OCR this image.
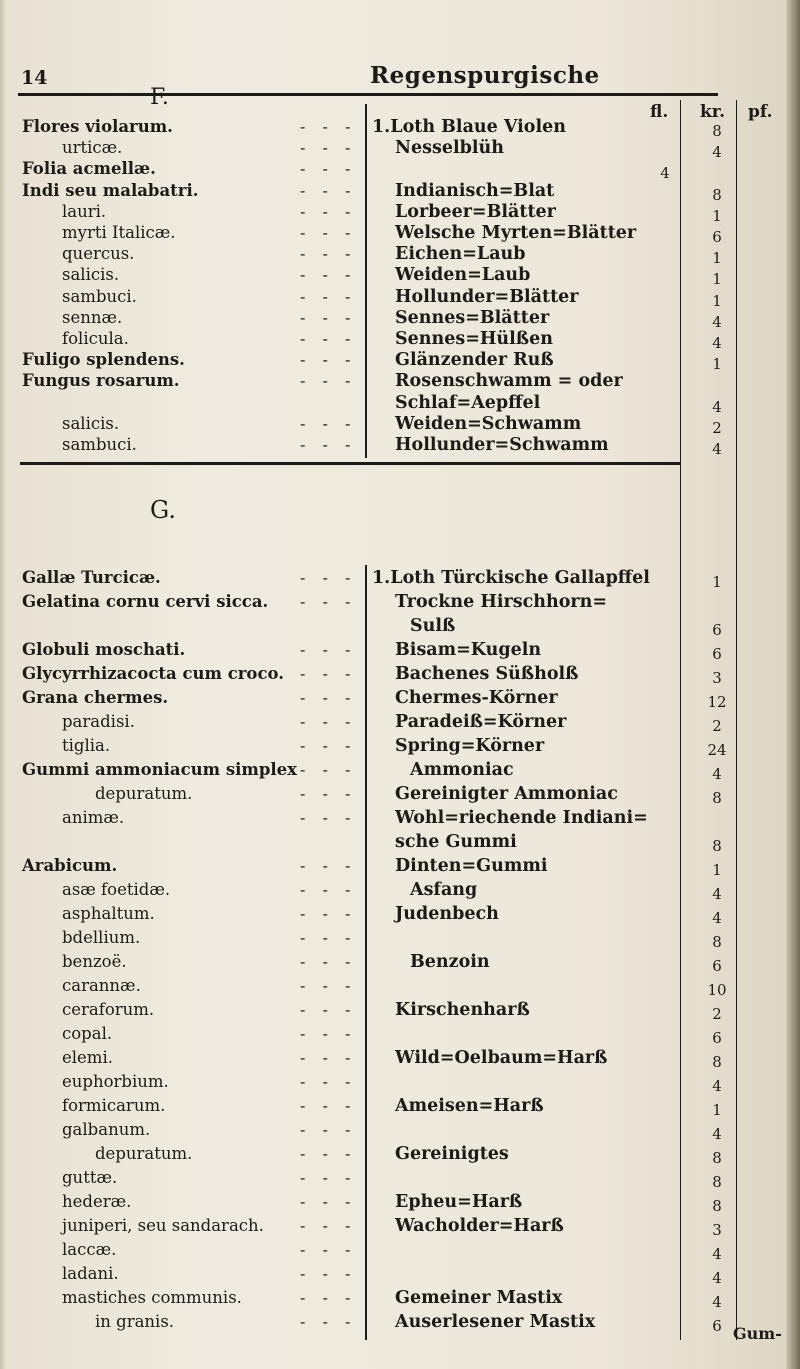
14	Regenspurgische
fl. kr. pf.
F.
Flores violarum.	- - - 1.Loth Blaue Violen	8
urticæ.	- - - Nesselblüh	4
Folia acmellæ.	- - -	4
Indi seu malabatri.	- - - Indianisch=Blat	8
lauri.	- - - Lorbeer=Blätter	1
myrti Italicæ.	- - - Welsche Myrten=Blätter	6
quercus.	- - - Eichen=Laub	1
salicis.	- - - Weiden=Laub	1
sambuci.	- - - Hollunder=Blätter	1
sennæ.	- - - Sennes=Blätter	4
folicula.	- - - Sennes=Hülßen	4
Fuligo splendens.	- - - Glänzender Ruß	1
Fungus rosarum.	- - - Rosenschwamm = oder
Schlaf=Aepffel	4
salicis.	- - - Weiden=Schwamm	2
sambuci.	- - - Hollunder=Schwamm	4
G.
Gallæ Turcicæ.	- - - 1.Loth Türckische Gallapffel	1
Gelatina cornu cervi sicca. - - - Trockne Hirschhorn=
Sulß	6
Globuli moschati.	- - - Bisam=Kugeln	6
Glycyrrhizacocta cum croco. - - - Bachenes Süßholß	3
Grana chermes.	- - - Chermes-Körner	12
paradisi.	- - - Paradeiß=Körner	2
tiglia.	- - - Spring=Körner	24
Gummi ammoniacum simplex - - -	Ammoniac	4
depuratum.	- - - Gereinigter Ammoniac	8
animæ.	- - - Wohl=riechende Indiani=
sche Gummi	8
Arabicum.	- - - Dinten=Gummi	1
asæ foetidæ.	- - -	Asfang	4
asphaltum.	- - - Judenbech	4
bdellium.	- - -	8
benzoë.	- - -	Benzoin	6
carannæ.	- - -	10
ceraforum.	- - - Kirschenharß	2
copal.	- - -	6
elemi.	- - - Wild=Oelbaum=Harß	8
euphorbium.	- - -	4
formicarum.	- - - Ameisen=Harß	1
galbanum.	- - -	4
depuratum.	- - - Gereinigtes	8
guttæ.	- - -	8
hederæ.	- - - Epheu=Harß	8
juniperi, seu sandarach. - - - Wacholder=Harß	3
laccæ.	- - -	4
ladani.	- - -	4
mastiches communis.	- - - Gemeiner Mastix	4
in granis.	- - - Auserlesener Mastix	6 Gum-
